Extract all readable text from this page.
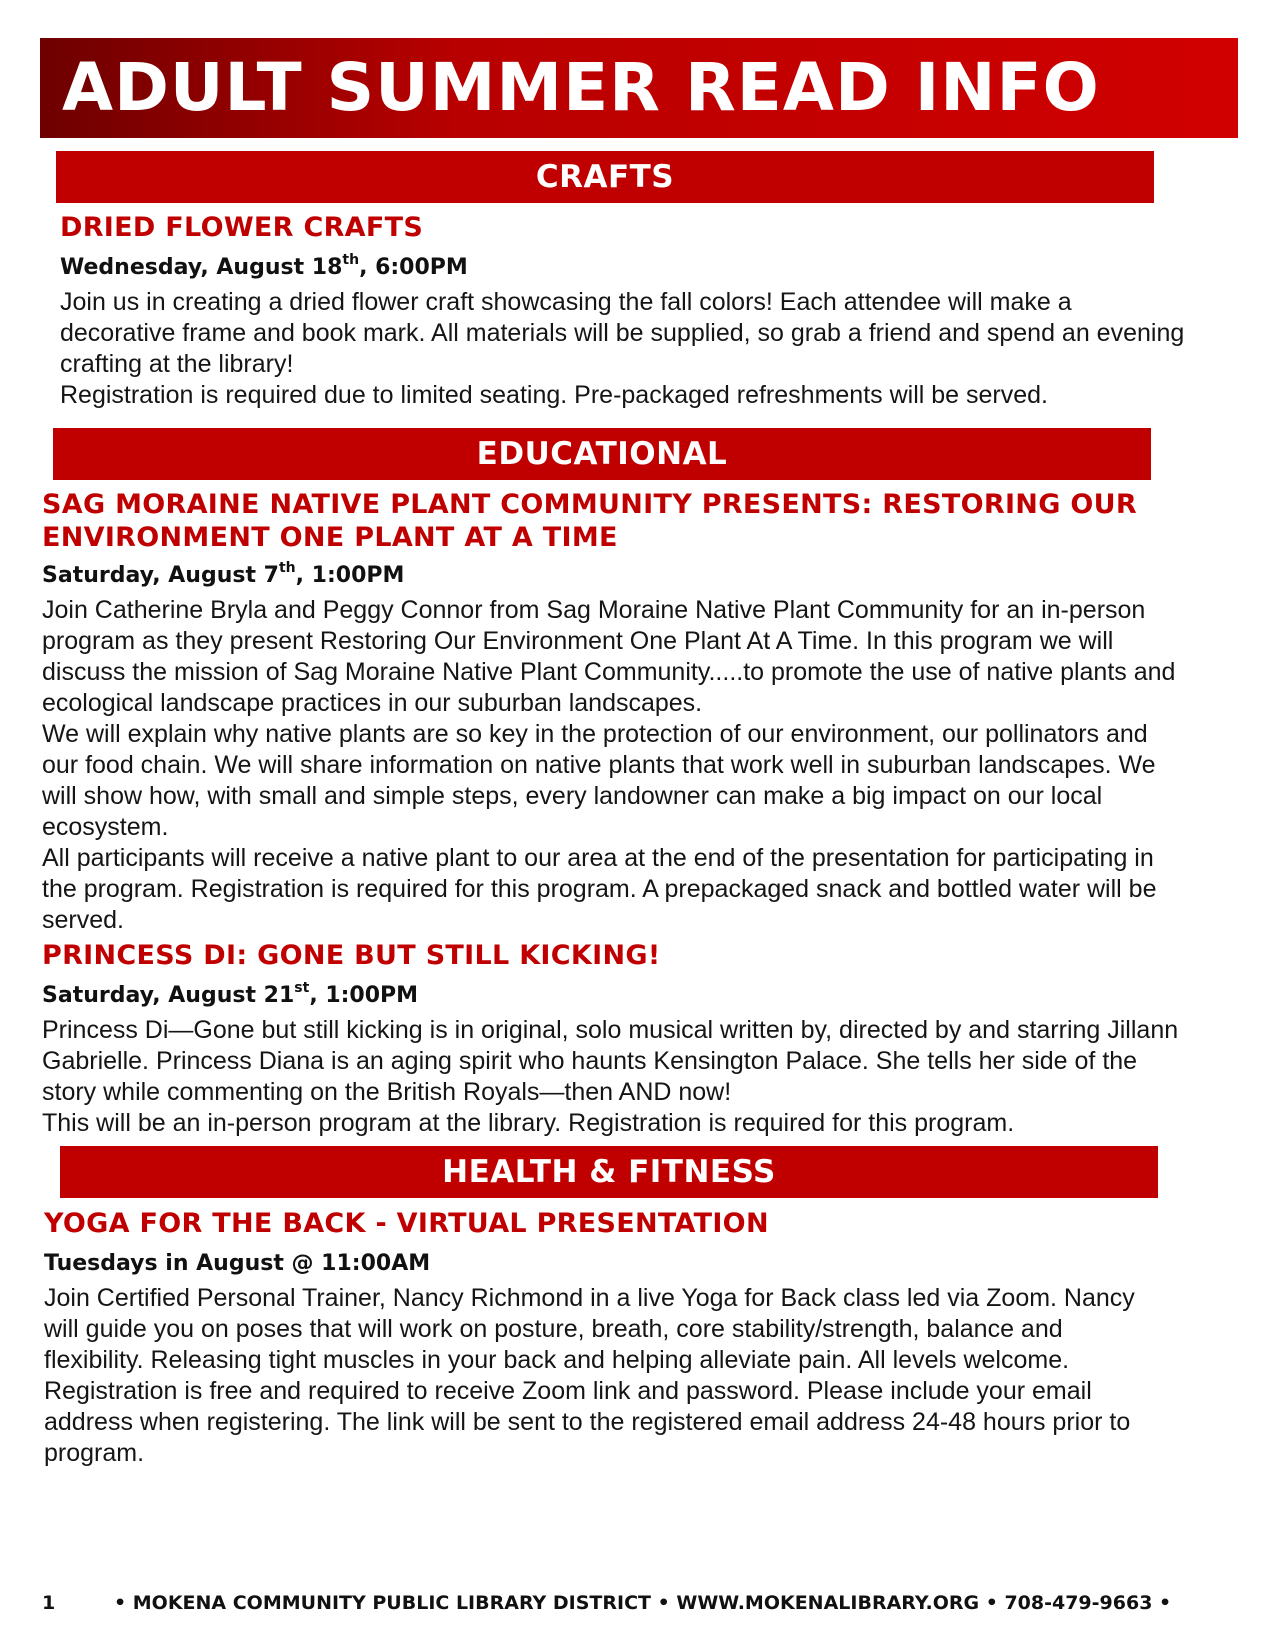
ADULT SUMMER READ INFO
CRAFTS
DRIED FLOWER CRAFTS
Wednesday, August 18th, 6:00PM

Join us in creating a dried flower craft showcasing the fall colors! Each attendee will make a decorative frame and book mark. All materials will be supplied, so grab a friend and spend an evening crafting at the library!

Registration is required due to limited seating. Pre-packaged refreshments will be served.

EDUCATIONAL
SAG MORAINE NATIVE PLANT COMMUNITY PRESENTS: RESTORING OUR ENVIRONMENT ONE PLANT AT A TIME
Saturday, August 7th, 1:00PM

Join Catherine Bryla and Peggy Connor from Sag Moraine Native Plant Community for an in-person program as they present Restoring Our Environment One Plant At A Time. In this program we will discuss the mission of Sag Moraine Native Plant Community.....to promote the use of native plants and ecological landscape practices in our suburban landscapes.

We will explain why native plants are so key in the protection of our environment, our pollinators and our food chain. We will share information on native plants that work well in suburban landscapes. We will show how, with small and simple steps, every landowner can make a big impact on our local ecosystem.

All participants will receive a native plant to our area at the end of the presentation for participating in the program. Registration is required for this program. A prepackaged snack and bottled water will be served.

PRINCESS DI: GONE BUT STILL KICKING!
Saturday, August 21st, 1:00PM

Princess Di—Gone but still kicking is in original, solo musical written by, directed by and starring Jillann Gabrielle. Princess Diana is an aging spirit who haunts Kensington Palace. She tells her side of the story while commenting on the British Royals—then AND now!

This will be an in-person program at the library. Registration is required for this program.

HEALTH & FITNESS
YOGA FOR THE BACK - VIRTUAL PRESENTATION
Tuesdays in August @ 11:00AM

Join Certified Personal Trainer, Nancy Richmond in a live Yoga for Back class led via Zoom. Nancy will guide you on poses that will work on posture, breath, core stability/strength, balance and flexibility. Releasing tight muscles in your back and helping alleviate pain. All levels welcome.

Registration is free and required to receive Zoom link and password. Please include your email address when registering. The link will be sent to the registered email address 24-48 hours prior to program.

1	• MOKENA COMMUNITY PUBLIC LIBRARY DISTRICT • WWW.MOKENALIBRARY.ORG • 708-479-9663 •
